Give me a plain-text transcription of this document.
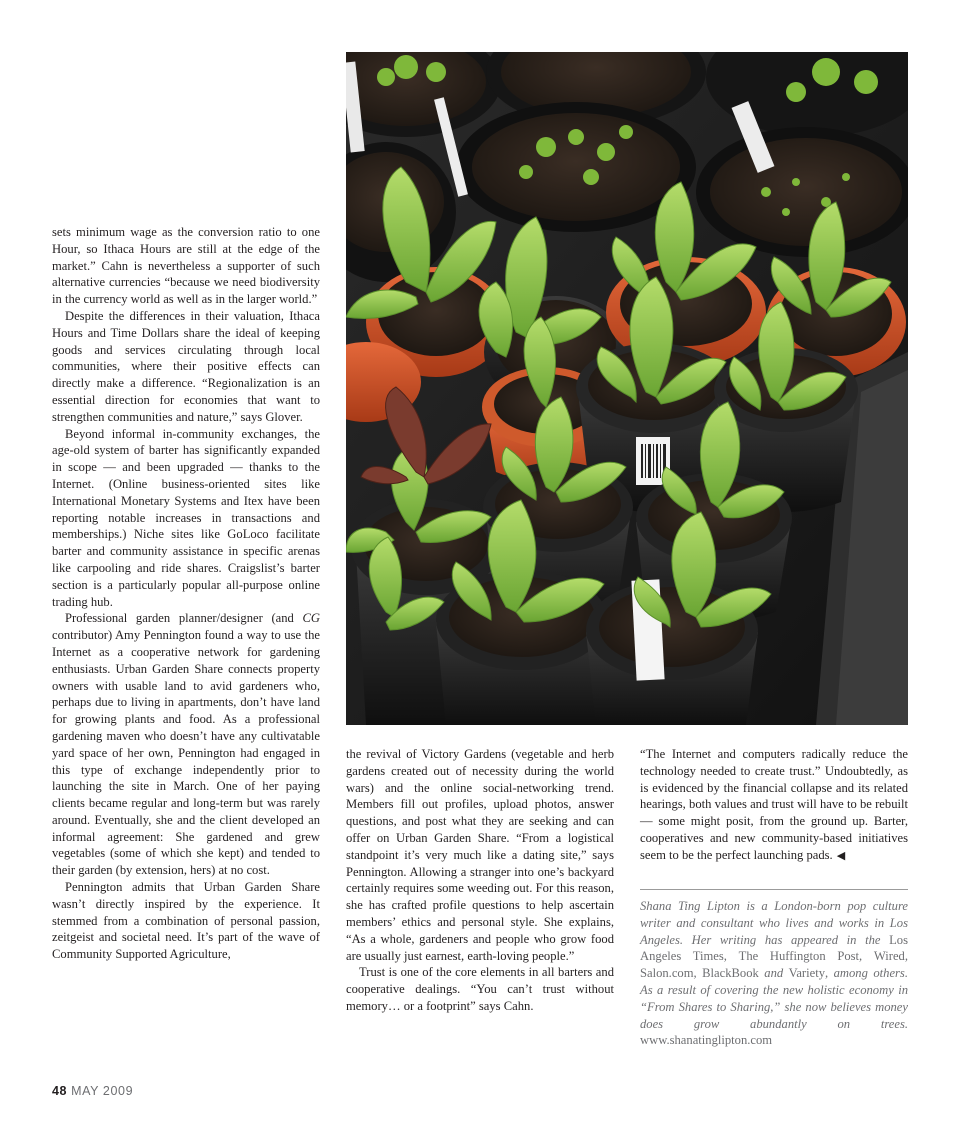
sets minimum wage as the conversion ratio to one Hour, so Ithaca Hours are still at the edge of the market.” Cahn is nevertheless a supporter of such alternative currencies “because we need biodiversity in the currency world as well as in the larger world.”

Despite the differences in their valuation, Ithaca Hours and Time Dollars share the ideal of keeping goods and services circulating through local communities, where their positive effects can directly make a difference. “Regionalization is an essential direction for economies that want to strengthen communities and nature,” says Glover.

Beyond informal in-community exchanges, the age-old system of barter has significantly expanded in scope — and been upgraded — thanks to the Internet. (Online business-oriented sites like International Monetary Systems and Itex have been reporting notable increases in transactions and memberships.) Niche sites like GoLoco facilitate barter and community assistance in specific arenas like carpooling and ride shares. Craigslist’s barter section is a particularly popular all-purpose online trading hub.

Professional garden planner/designer (and CG contributor) Amy Pennington found a way to use the Internet as a cooperative network for gardening enthusiasts. Urban Garden Share connects property owners with usable land to avid gardeners who, perhaps due to living in apartments, don’t have land for growing plants and food. As a professional gardening maven who doesn’t have any cultivatable yard space of her own, Pennington had engaged in this type of exchange independently prior to launching the site in March. One of her paying clients became regular and long-term but was rarely around. Eventually, she and the client developed an informal agreement: She gardened and grew vegetables (some of which she kept) and tended to their garden (by extension, hers) at no cost.

Pennington admits that Urban Garden Share wasn’t directly inspired by the experience. It stemmed from a combination of personal passion, zeitgeist and societal need. It’s part of the wave of Community Supported Agriculture,

the revival of Victory Gardens (vegetable and herb gardens created out of necessity during the world wars) and the online social-networking trend. Members fill out profiles, upload photos, answer questions, and post what they are seeking and can offer on Urban Garden Share. “From a logistical standpoint it’s very much like a dating site,” says Pennington. Allowing a stranger into one’s backyard certainly requires some weeding out. For this reason, she has crafted profile questions to help ascertain members’ ethics and personal style. She explains, “As a whole, gardeners and people who grow food are usually just earnest, earth-loving people.”

Trust is one of the core elements in all barters and cooperative dealings. “You can’t trust without memory… or a footprint” says Cahn.

“The Internet and computers radically reduce the technology needed to create trust.” Undoubtedly, as is evidenced by the financial collapse and its related hearings, both values and trust will have to be rebuilt — some might posit, from the ground up. Barter, cooperatives and new community-based initiatives seem to be the perfect launching pads. ◀

Shana Ting Lipton is a London-born pop culture writer and consultant who lives and works in Los Angeles. Her writing has appeared in the Los Angeles Times, The Huffington Post, Wired, Salon.com, BlackBook and Variety, among others. As a result of covering the new holistic economy in “From Shares to Sharing,” she now believes money does grow abundantly on trees. www.shanatinglipton.com

48 MAY 2009
